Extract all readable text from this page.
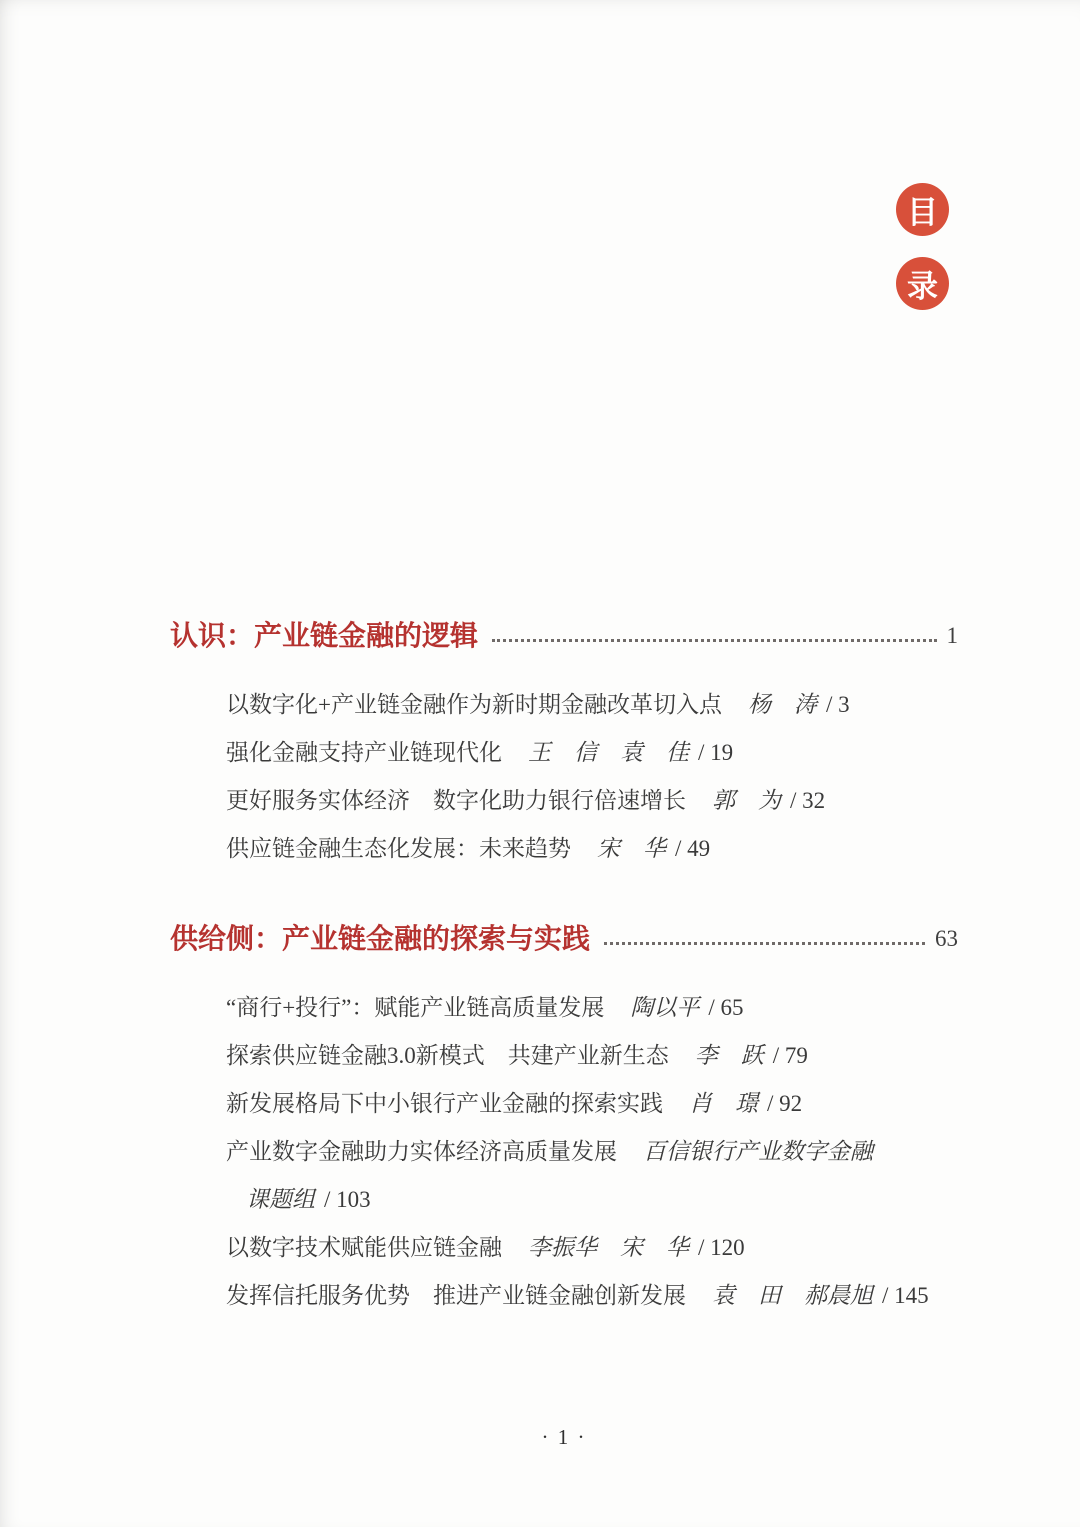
目
录
认识：产业链金融的逻辑	1
以数字化+产业链金融作为新时期金融改革切入点 杨　涛 / 3
强化金融支持产业链现代化 王　信　袁　佳 / 19
更好服务实体经济　数字化助力银行倍速增长 郭　为 / 32
供应链金融生态化发展：未来趋势 宋　华 / 49
供给侧：产业链金融的探索与实践	63
“商行+投行”：赋能产业链高质量发展 陶以平 / 65
探索供应链金融3.0新模式　共建产业新生态 李　跃 / 79
新发展格局下中小银行产业金融的探索实践 肖　璟 / 92
产业数字金融助力实体经济高质量发展 百信银行产业数字金融
课题组 / 103
以数字技术赋能供应链金融 李振华　宋　华 / 120
发挥信托服务优势　推进产业链金融创新发展 袁　田　郝晨旭 / 145
· 1 ·
